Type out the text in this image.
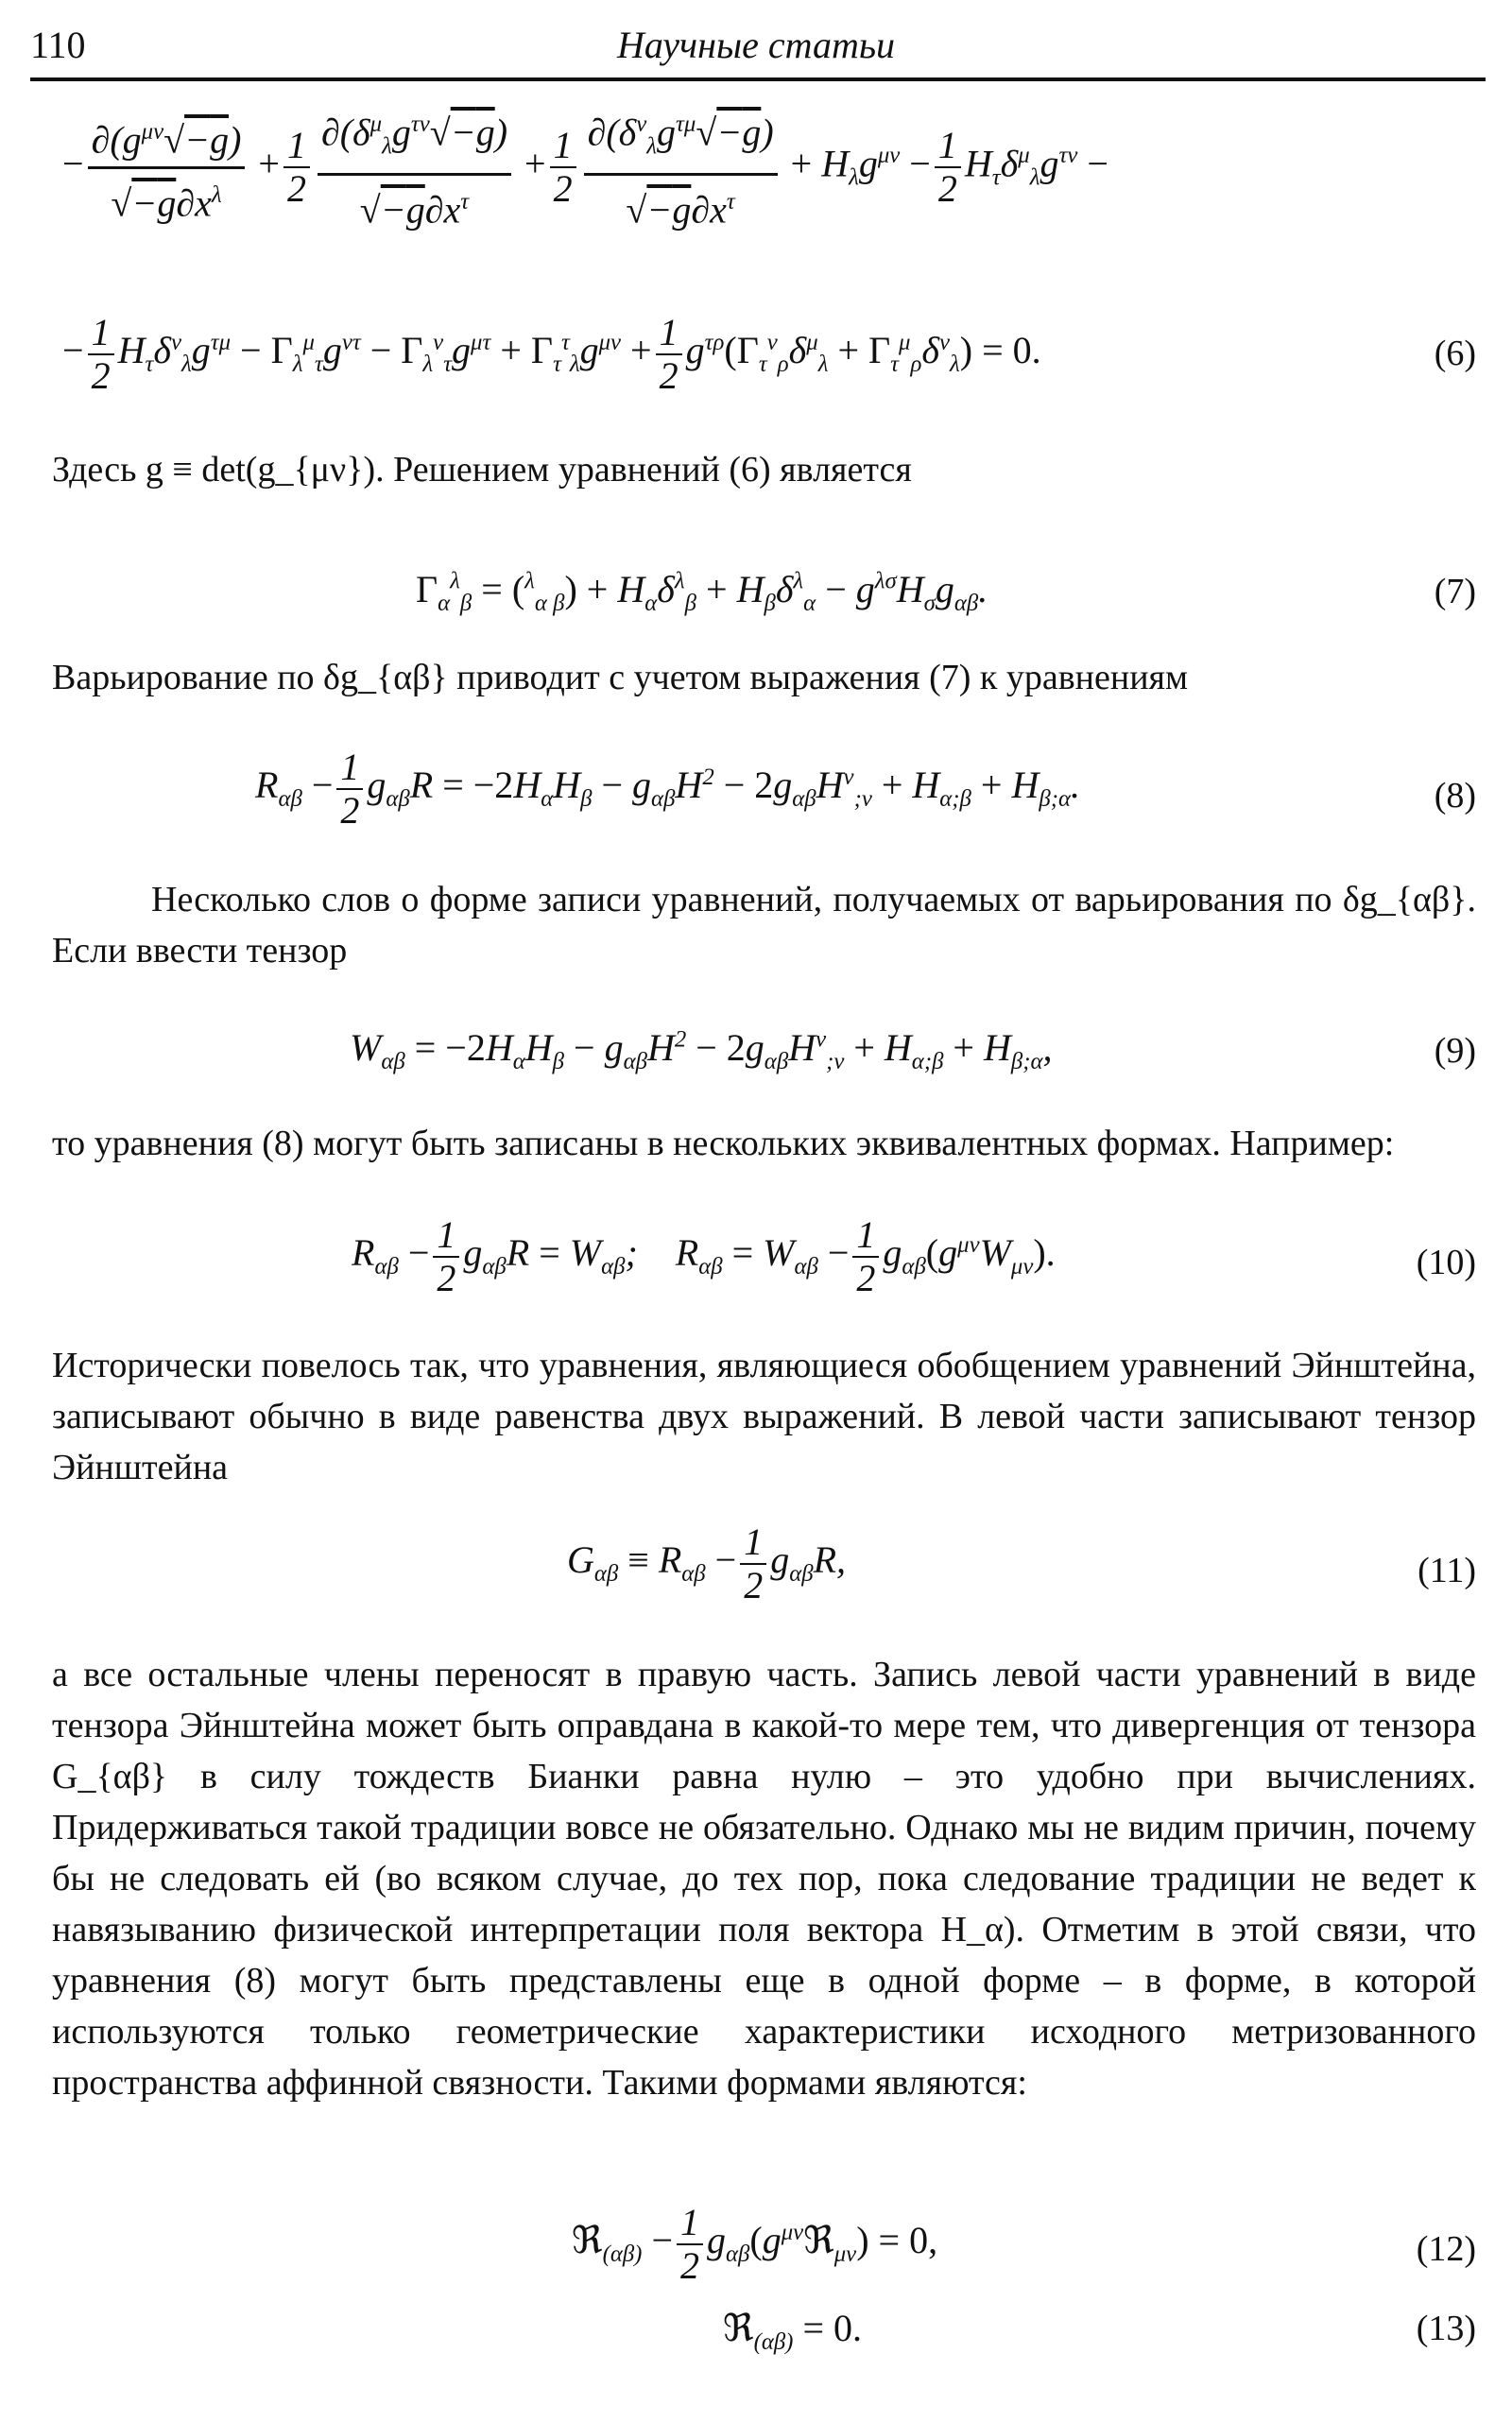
110	Научные статьи
− $\frac{\partial(g^{\mu\nu}√-g)}{√-g\partial x^\lambda} + \frac{1}{2} \frac{\partial(\delta^\mu_\lambda g^{\tau\nu}√-g)}{√-g\partial x^\tau} + \frac{1}{2} \frac{\partial(\delta^\nu_\lambda g^{\tau\mu}√-g)}{√-g\partial x^\tau} + H_\lambda g^{\mu\nu} - \frac{1}{2} H_\tau\delta^\mu_\lambda g^{\tau\nu}$ −
− $\frac{1}{2} H_\tau\delta^\nu_\lambda g^{\tau\mu} - \Gamma_\lambda^\mu_\tau g^{\nu\tau} - \Gamma_\lambda^\nu_\tau g^{\mu\tau} + \Gamma_\tau^\tau_\lambda g^{\mu\nu} + \frac{1}{2} g^{\tau\rho}(\Gamma_\tau^\nu_\rho\delta^\mu_\lambda + \Gamma_\tau^\mu_\rho\delta^\nu_\lambda) = 0$.	(6)
Здесь g ≡ det(g_{μν}). Решением уравнений (6) является
$\Gamma_\alpha^\lambda_\beta = (^\lambda_{\alpha \beta}) + H_\alpha\delta^\lambda_\beta + H_\beta\delta^\lambda_\alpha - g^{\lambda\sigma}H_\sigma g_{\alpha\beta}$.	(7)
Варьирование по δg_{αβ} приводит с учетом выражения (7) к уравнениям
$R_{\alpha\beta} - \frac{1}{2} g_{\alpha\beta}R = -2H_\alpha H_\beta - g_{\alpha\beta}H^2 - 2g_{\alpha\beta}H^\nu_{;\nu} + H_{\alpha;\beta} + H_{\beta;\alpha}$.	(8)
Несколько слов о форме записи уравнений, получаемых от варьирования по δg_{αβ}. Если ввести тензор
$W_{\alpha\beta} = -2H_\alpha H_\beta - g_{\alpha\beta}H^2 - 2g_{\alpha\beta}H^\nu_{;\nu} + H_{\alpha;\beta} + H_{\beta;\alpha}$,	(9)
то уравнения (8) могут быть записаны в нескольких эквивалентных формах. Например:
$R_{\alpha\beta} - \frac{1}{2} g_{\alpha\beta}R = W_{\alpha\beta}$;    $R_{\alpha\beta} = W_{\alpha\beta} - \frac{1}{2} g_{\alpha\beta}(g^{\mu\nu}W_{\mu\nu})$.	(10)
Исторически повелось так, что уравнения, являющиеся обобщением уравнений Эйнштейна, записывают обычно в виде равенства двух выражений. В левой части записывают тензор Эйнштейна
$G_{\alpha\beta} \equiv R_{\alpha\beta} - \frac{1}{2} g_{\alpha\beta}R$,	(11)
а все остальные члены переносят в правую часть. Запись левой части уравнений в виде тензора Эйнштейна может быть оправдана в какой-то мере тем, что дивергенция от тензора G_{αβ} в силу тождеств Бианки равна нулю – это удобно при вычислениях. Придерживаться такой традиции вовсе не обязательно. Однако мы не видим причин, почему бы не следовать ей (во всяком случае, до тех пор, пока следование традиции не ведет к навязыванию физической интерпретации поля вектора H_α). Отметим в этой связи, что уравнения (8) могут быть представлены еще в одной форме – в форме, в которой используются только геометрические характеристики исходного метризованного пространства аффинной связности. Такими формами являются:
ℜ$_{(\alpha\beta)}$ − $\frac{1}{2}$ $g_{\alpha\beta}(g^{\mu\nu}ℜ_{\mu\nu}) = 0$,	(12)
ℜ$_{(\alpha\beta)}$ = 0.	(13)
